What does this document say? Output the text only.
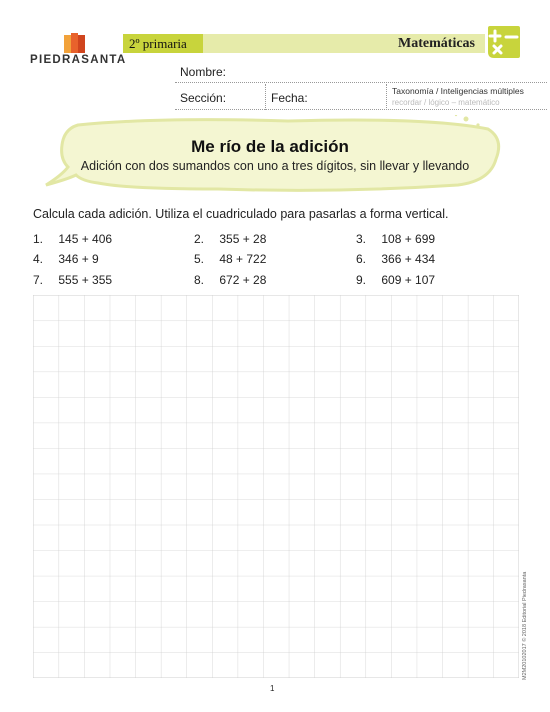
PIEDRASANTA
2º primaria	Matemáticas
Nombre:
Sección:	Fecha:	Taxonomía / Inteligencias múltiples
recordar / lógico – matemático
Me río de la adición
Adición con dos sumandos con uno a tres dígitos, sin llevar y llevando
Calcula cada adición. Utiliza el cuadriculado para pasarlas a forma vertical.
1. 145 + 406	2. 355 + 28	3. 108 + 699
4. 346 + 9	5. 48 + 722	6. 366 + 434
7. 555 + 355	8. 672 + 28	9. 609 + 107
M2M20102017 © 2018 Editorial Piedrasanta
1
